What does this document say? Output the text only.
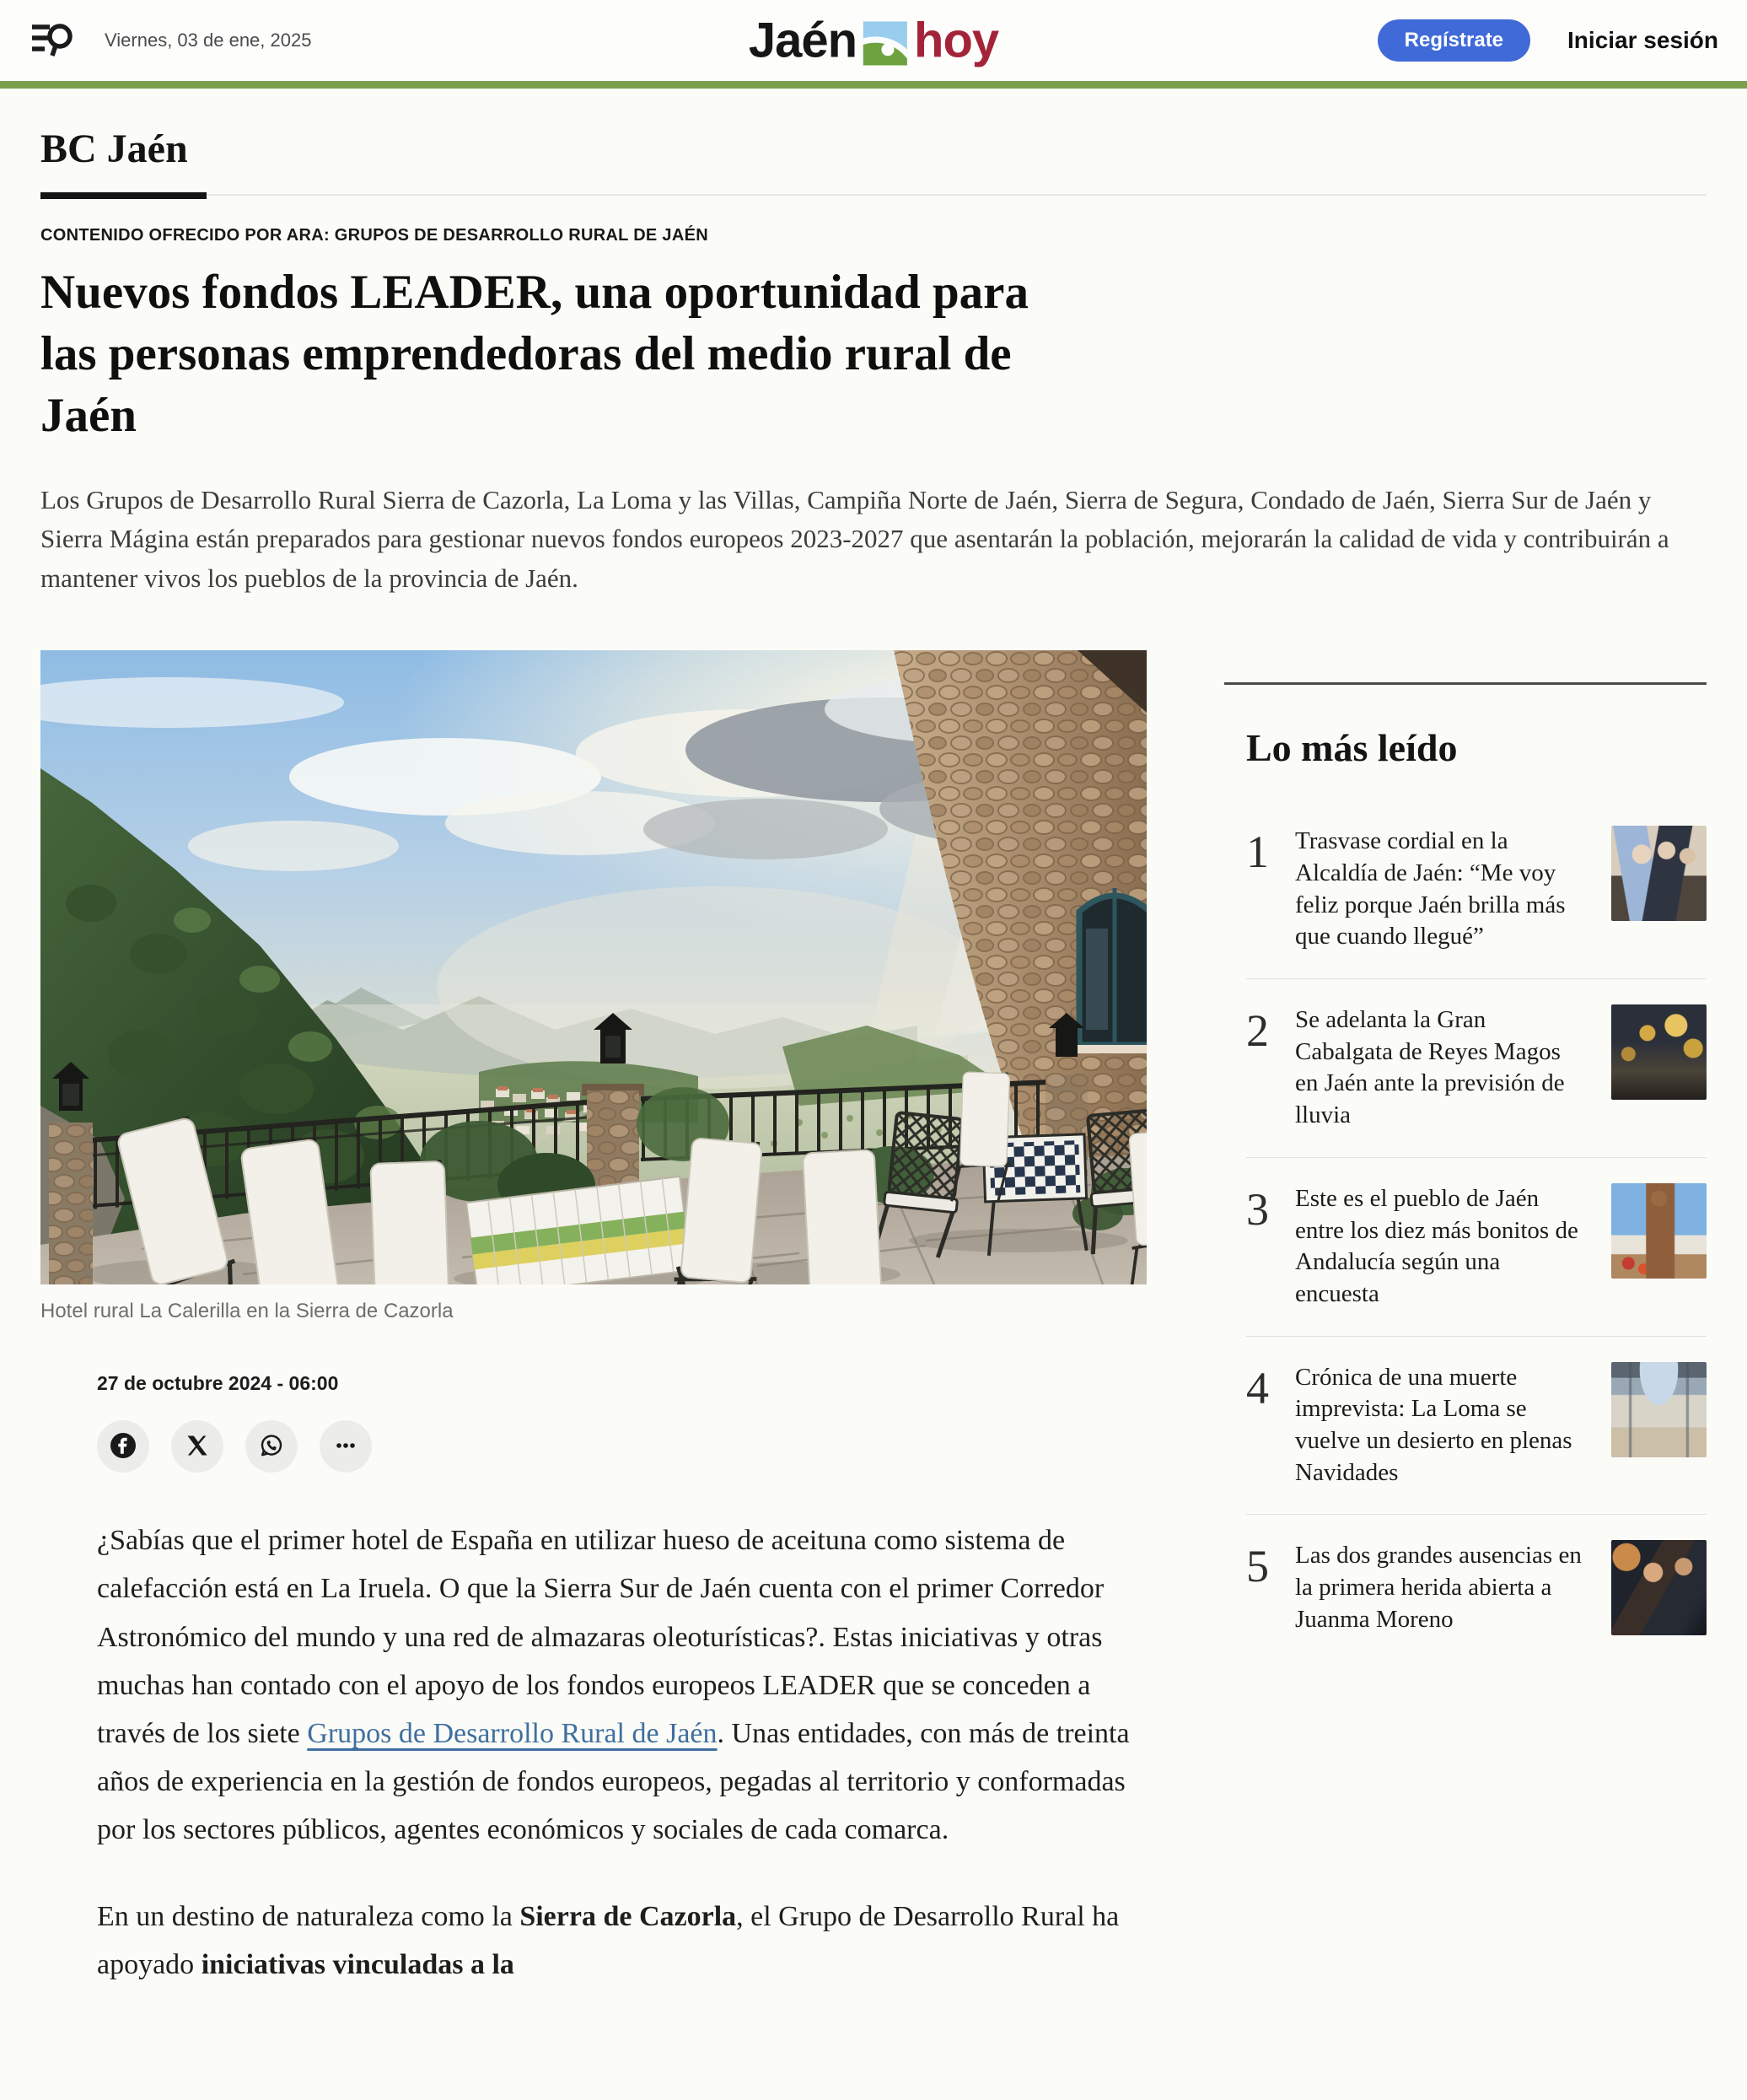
Viernes, 03 de ene, 2025	Jaén hoy	Regístrate	Iniciar sesión
BC Jaén
CONTENIDO OFRECIDO POR ARA: GRUPOS DE DESARROLLO RURAL DE JAÉN
Nuevos fondos LEADER, una oportunidad para las personas emprendedoras del medio rural de Jaén

Los Grupos de Desarrollo Rural Sierra de Cazorla, La Loma y las Villas, Campiña Norte de Jaén, Sierra de Segura, Condado de Jaén, Sierra Sur de Jaén y Sierra Mágina están preparados para gestionar nuevos fondos europeos 2023-2027 que asentarán la población, mejorarán la calidad de vida y contribuirán a mantener vivos los pueblos de la provincia de Jaén.

Hotel rural La Calerilla en la Sierra de Cazorla
27 de octubre 2024 - 06:00

¿Sabías que el primer hotel de España en utilizar hueso de aceituna como sistema de calefacción está en La Iruela. O que la Sierra Sur de Jaén cuenta con el primer Corredor Astronómico del mundo y una red de almazaras oleoturísticas?. Estas iniciativas y otras muchas han contado con el apoyo de los fondos europeos LEADER que se conceden a través de los siete Grupos de Desarrollo Rural de Jaén. Unas entidades, con más de treinta años de experiencia en la gestión de fondos europeos, pegadas al territorio y conformadas por los sectores públicos, agentes económicos y sociales de cada comarca.

En un destino de naturaleza como la Sierra de Cazorla, el Grupo de Desarrollo Rural ha apoyado iniciativas vinculadas a la

Lo más leído
1	Trasvase cordial en la Alcaldía de Jaén: “Me voy feliz porque Jaén brilla más que cuando llegué”
2	Se adelanta la Gran Cabalgata de Reyes Magos en Jaén ante la previsión de lluvia
3	Este es el pueblo de Jaén entre los diez más bonitos de Andalucía según una encuesta
4	Crónica de una muerte imprevista: La Loma se vuelve un desierto en plenas Navidades
5	Las dos grandes ausencias en la primera herida abierta a Juanma Moreno
